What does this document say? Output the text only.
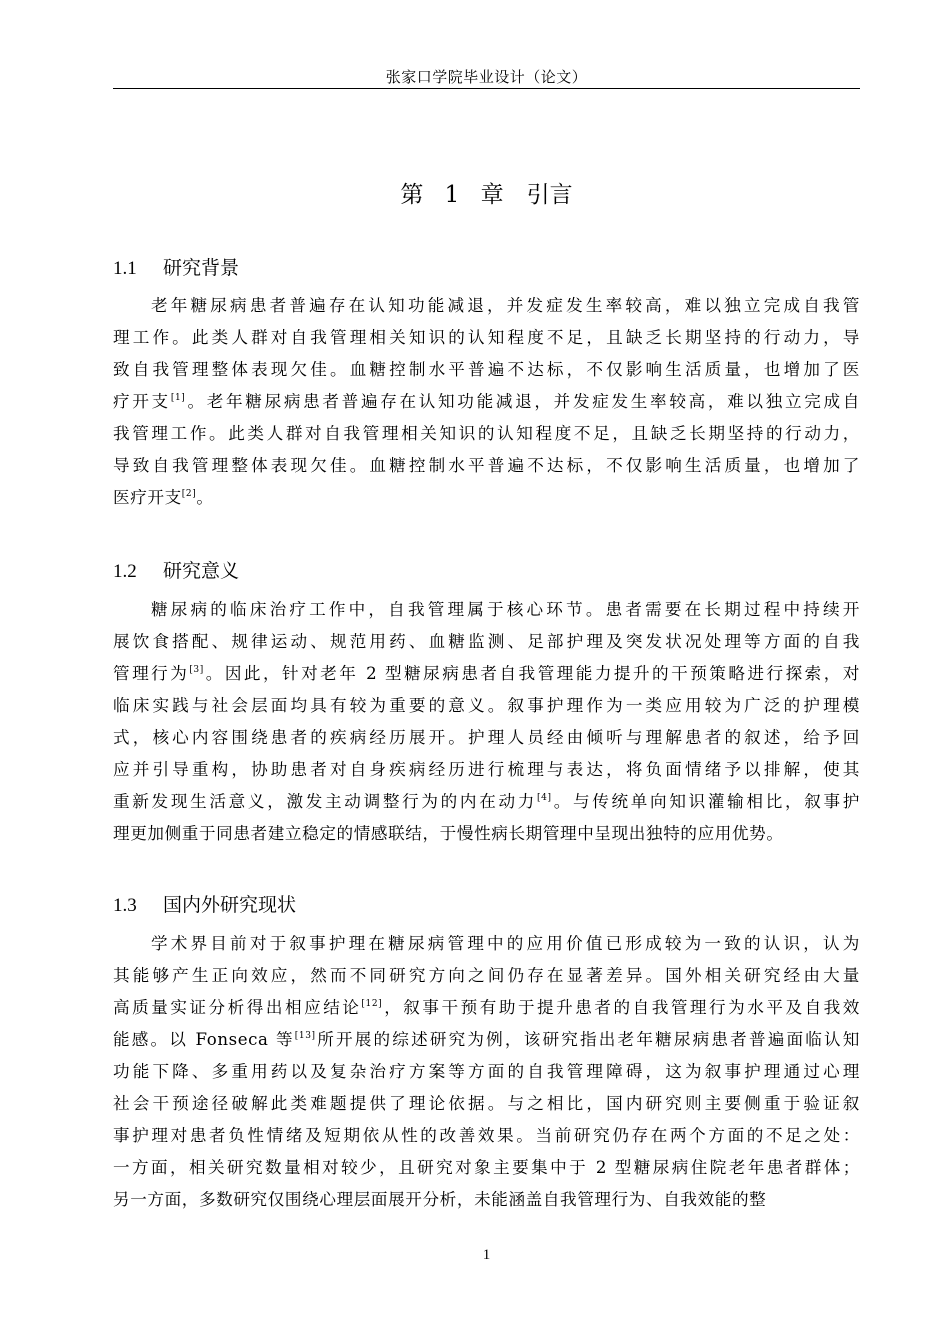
张家口学院毕业设计（论文）
第 1 章　引言
1.1 研究背景
老年糖尿病患者普遍存在认知功能减退，并发症发生率较高，难以独立完成自我管
理工作。此类人群对自我管理相关知识的认知程度不足，且缺乏长期坚持的行动力，导
致自我管理整体表现欠佳。血糖控制水平普遍不达标，不仅影响生活质量，也增加了医
疗开支[1]。老年糖尿病患者普遍存在认知功能减退，并发症发生率较高，难以独立完成自
我管理工作。此类人群对自我管理相关知识的认知程度不足，且缺乏长期坚持的行动力，
导致自我管理整体表现欠佳。血糖控制水平普遍不达标，不仅影响生活质量，也增加了
医疗开支[2]。
1.2 研究意义
糖尿病的临床治疗工作中，自我管理属于核心环节。患者需要在长期过程中持续开
展饮食搭配、规律运动、规范用药、血糖监测、足部护理及突发状况处理等方面的自我
管理行为[3]。因此，针对老年 2 型糖尿病患者自我管理能力提升的干预策略进行探索，对
临床实践与社会层面均具有较为重要的意义。叙事护理作为一类应用较为广泛的护理模
式，核心内容围绕患者的疾病经历展开。护理人员经由倾听与理解患者的叙述，给予回
应并引导重构，协助患者对自身疾病经历进行梳理与表达，将负面情绪予以排解，使其
重新发现生活意义，激发主动调整行为的内在动力[4]。与传统单向知识灌输相比，叙事护
理更加侧重于同患者建立稳定的情感联结，于慢性病长期管理中呈现出独特的应用优势。
1.3 国内外研究现状
学术界目前对于叙事护理在糖尿病管理中的应用价值已形成较为一致的认识，认为
其能够产生正向效应，然而不同研究方向之间仍存在显著差异。国外相关研究经由大量
高质量实证分析得出相应结论[12]，叙事干预有助于提升患者的自我管理行为水平及自我效
能感。以 Fonseca 等[13]所开展的综述研究为例，该研究指出老年糖尿病患者普遍面临认知
功能下降、多重用药以及复杂治疗方案等方面的自我管理障碍，这为叙事护理通过心理
社会干预途径破解此类难题提供了理论依据。与之相比，国内研究则主要侧重于验证叙
事护理对患者负性情绪及短期依从性的改善效果。当前研究仍存在两个方面的不足之处：
一方面，相关研究数量相对较少，且研究对象主要集中于 2 型糖尿病住院老年患者群体；
另一方面，多数研究仅围绕心理层面展开分析，未能涵盖自我管理行为、自我效能的整
1
